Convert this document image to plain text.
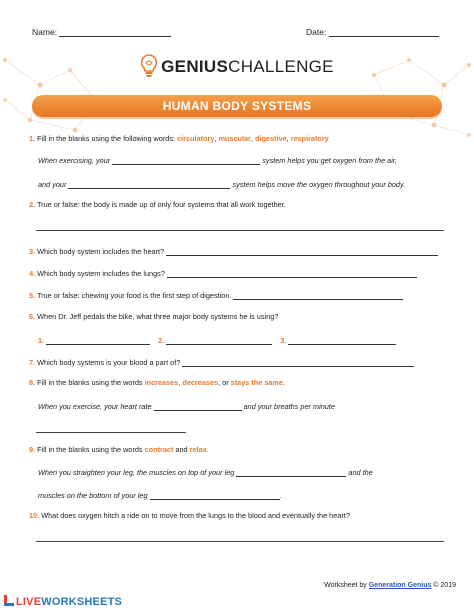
Name:	Date:
GENIUSCHALLENGE
HUMAN BODY SYSTEMS
1. Fill in the blanks using the following words: circulatory, muscular, digestive, respiratory
When exercising, your	system helps you get oxygen from the air,
and your	system helps move the oxygen throughout your body.
2. True or false: the body is made up of only four systems that all work together.
3. Which body system includes the heart?
4. Which body system includes the lungs?
5. True or false: chewing your food is the first step of digestion.
6. When Dr. Jeff pedals the bike, what three major body systems he is using?
1.	2.	3.
7. Which body systems is your blood a part of?
8. Fill in the blanks using the words increases, decreases, or stays the same.
When you exercise, your heart rate	and your breaths per minute
9. Fill in the blanks using the words contract and relax.
When you straighten your leg, the muscles on top of your leg	and the
muscles on the bottom of your leg	.
10. What does oxygen hitch a ride on to move from the lungs to the blood and eventually the heart?
Worksheet by Generation Genius © 2019
LIVEWORKSHEETS
